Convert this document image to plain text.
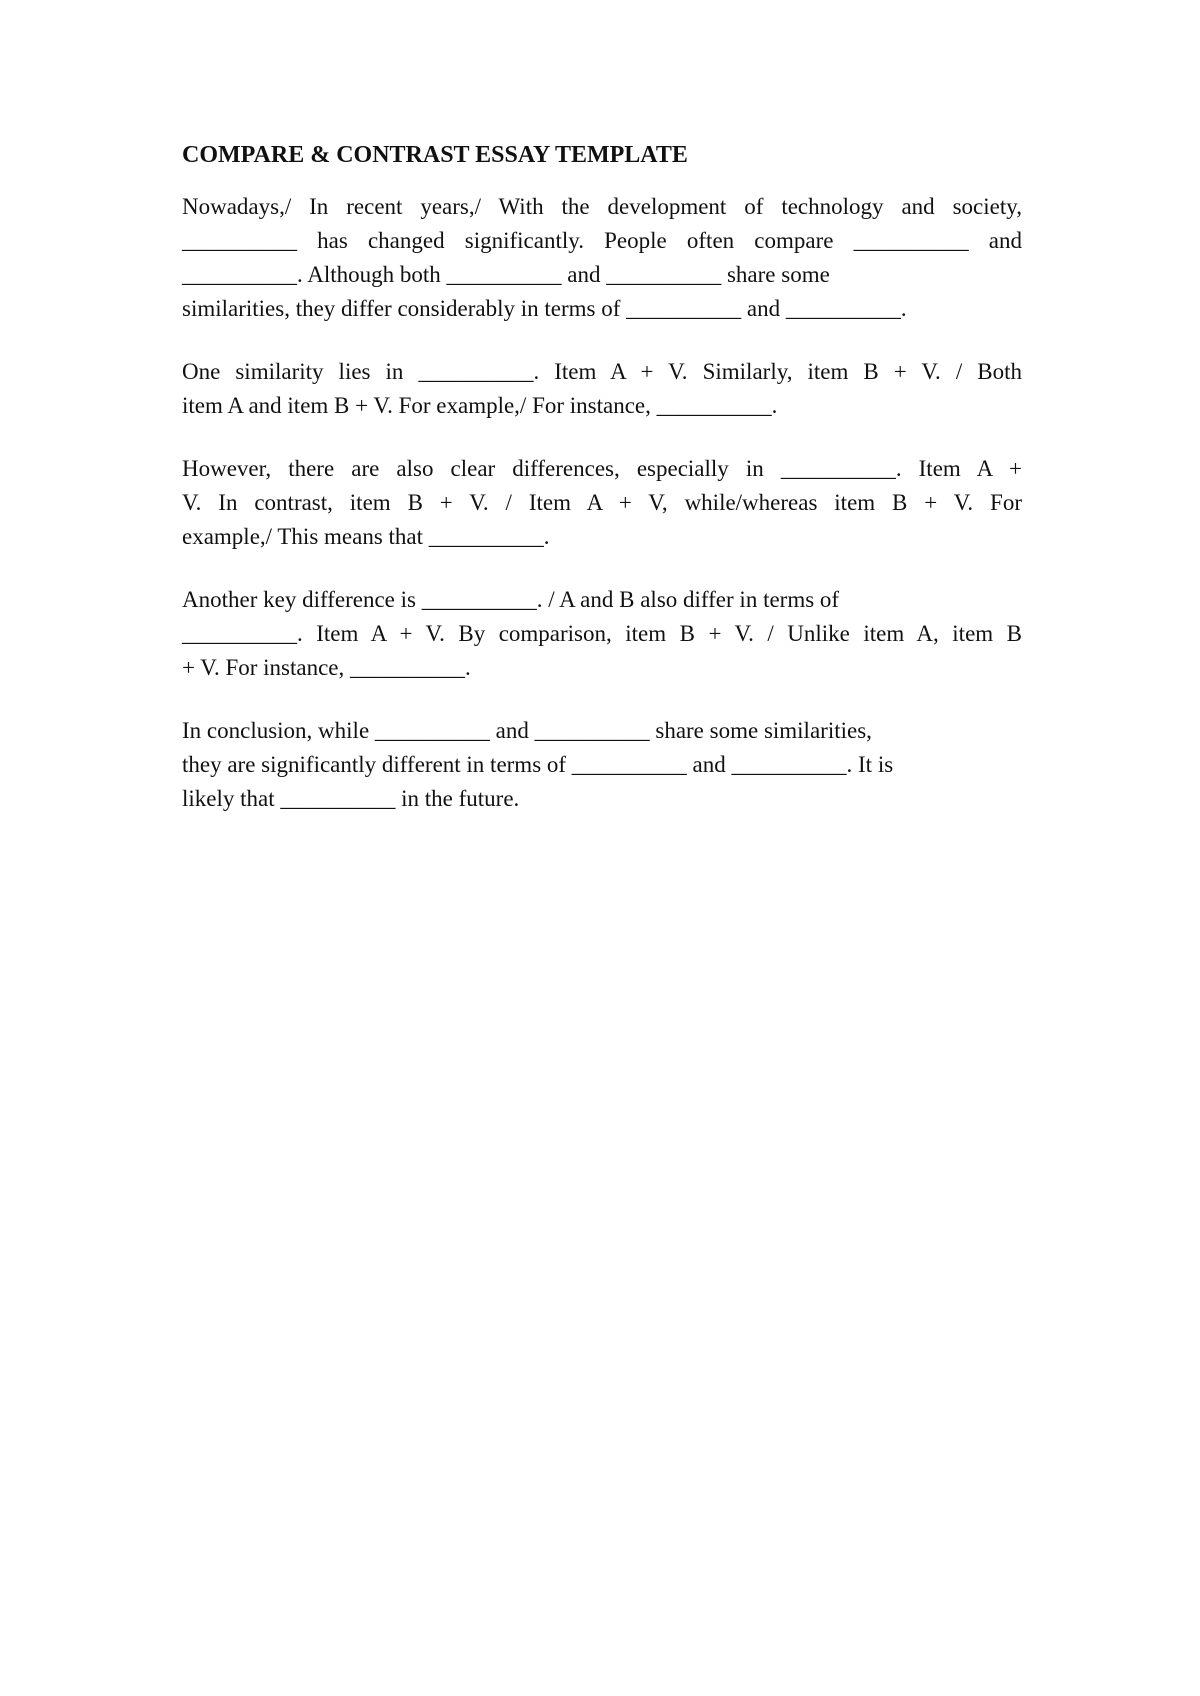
COMPARE & CONTRAST ESSAY TEMPLATE

Nowadays,/ In recent years,/ With the development of technology and society,
__________ has changed significantly. People often compare __________ and
__________. Although both __________ and __________ share some
similarities, they differ considerably in terms of __________ and __________.

One similarity lies in __________. Item A + V. Similarly, item B + V. / Both
item A and item B + V. For example,/ For instance, __________.

However, there are also clear differences, especially in __________. Item A +
V. In contrast, item B + V. / Item A + V, while/whereas item B + V. For
example,/ This means that __________.

Another key difference is __________. / A and B also differ in terms of
__________. Item A + V. By comparison, item B + V. / Unlike item A, item B
+ V. For instance, __________.

In conclusion, while __________ and __________ share some similarities,
they are significantly different in terms of __________ and __________. It is
likely that __________ in the future.
